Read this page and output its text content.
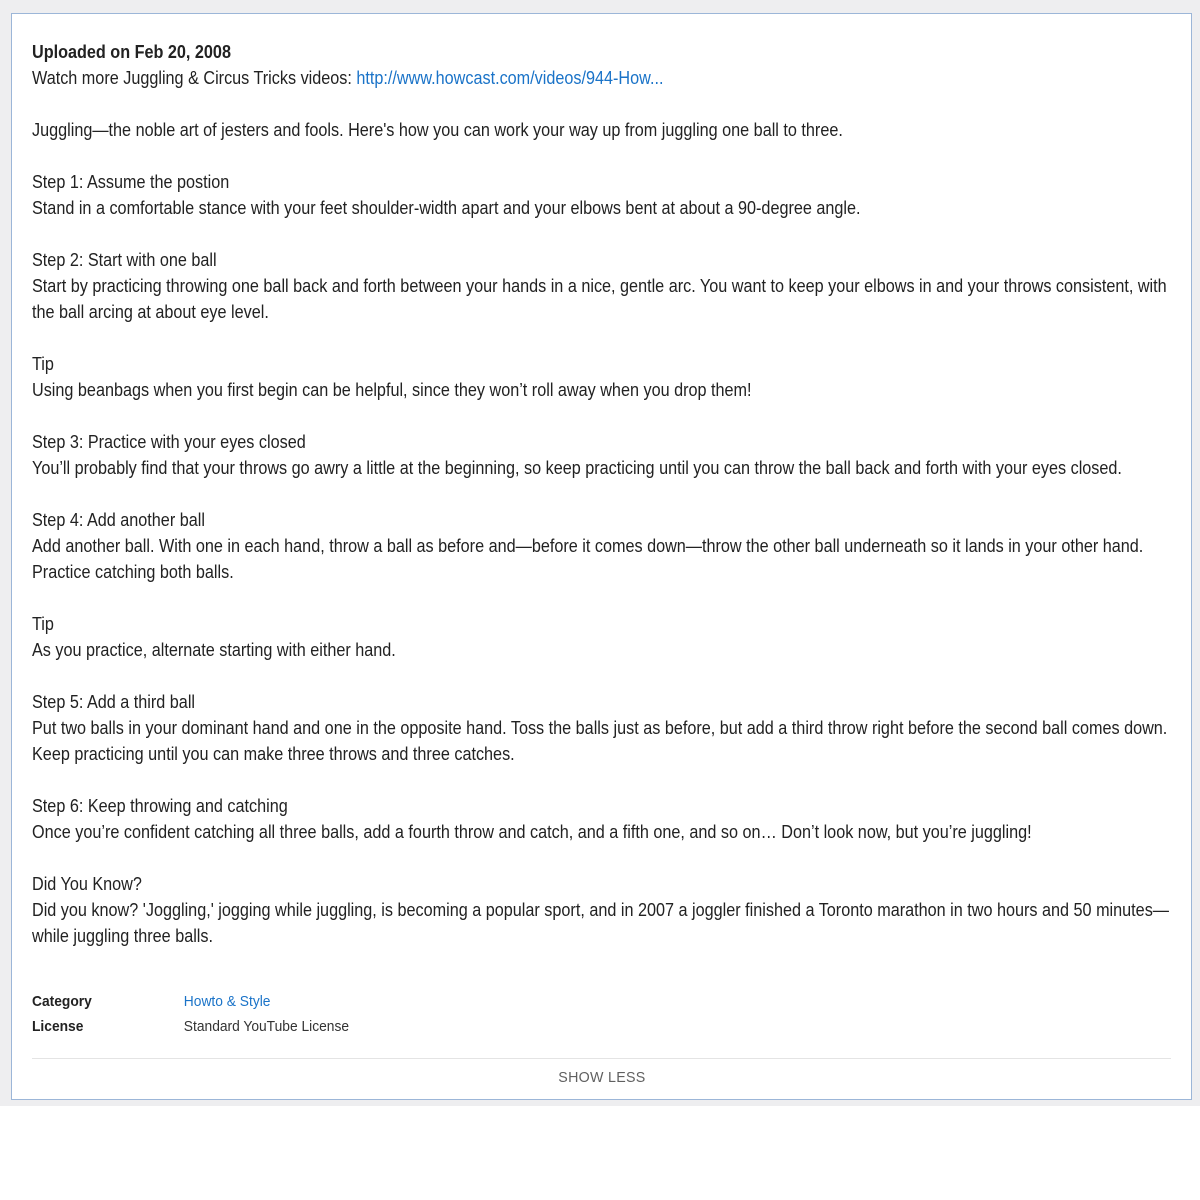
Uploaded on Feb 20, 2008

Watch more Juggling & Circus Tricks videos: http://www.howcast.com/videos/944-How...

Juggling—the noble art of jesters and fools. Here's how you can work your way up from juggling one ball to three.

Step 1: Assume the postion

Stand in a comfortable stance with your feet shoulder-width apart and your elbows bent at about a 90-degree angle.

Step 2: Start with one ball

Start by practicing throwing one ball back and forth between your hands in a nice, gentle arc. You want to keep your elbows in and your throws consistent, with the ball arcing at about eye level.

Tip

Using beanbags when you first begin can be helpful, since they won’t roll away when you drop them!

Step 3: Practice with your eyes closed

You’ll probably find that your throws go awry a little at the beginning, so keep practicing until you can throw the ball back and forth with your eyes closed.

Step 4: Add another ball

Add another ball. With one in each hand, throw a ball as before and—before it comes down—throw the other ball underneath so it lands in your other hand. Practice catching both balls.

Tip

As you practice, alternate starting with either hand.

Step 5: Add a third ball

Put two balls in your dominant hand and one in the opposite hand. Toss the balls just as before, but add a third throw right before the second ball comes down. Keep practicing until you can make three throws and three catches.

Step 6: Keep throwing and catching

Once you’re confident catching all three balls, add a fourth throw and catch, and a fifth one, and so on… Don’t look now, but you’re juggling!

Did You Know?

Did you know? 'Joggling,' jogging while juggling, is becoming a popular sport, and in 2007 a joggler finished a Toronto marathon in two hours and 50 minutes—while juggling three balls.

Category	Howto & Style
License	Standard YouTube License
SHOW LESS
